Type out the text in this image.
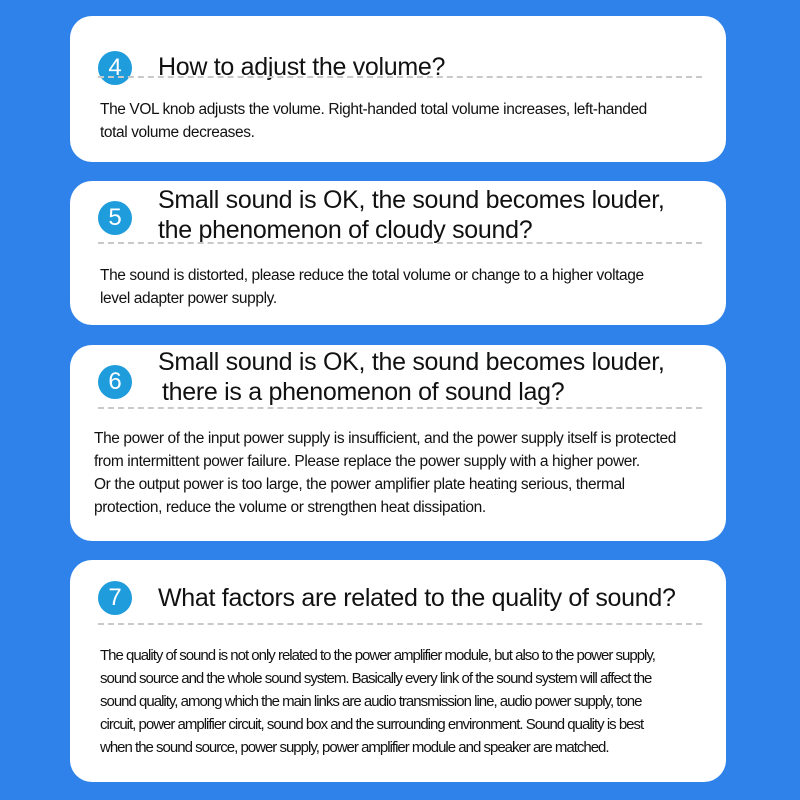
4	How to adjust the volume?

The VOL knob adjusts the volume. Right-handed total volume increases, left-handed

total volume decreases.

5
Small sound is OK, the sound becomes louder,
the phenomenon of cloudy sound?

The sound is distorted, please reduce the total volume or change to a higher voltage

level adapter power supply.

6
Small sound is OK, the sound becomes louder,
there is a phenomenon of sound lag?

The power of the input power supply is insufficient, and the power supply itself is protected

from intermittent power failure. Please replace the power supply with a higher power.

Or the output power is too large, the power amplifier plate heating serious, thermal

protection, reduce the volume or strengthen heat dissipation.

7	What factors are related to the quality of sound?

The quality of sound is not only related to the power amplifier module, but also to the power supply,

sound source and the whole sound system. Basically every link of the sound system will affect the

sound quality, among which the main links are audio transmission line, audio power supply, tone

circuit, power amplifier circuit, sound box and the surrounding environment. Sound quality is best

when the sound source, power supply, power amplifier module and speaker are matched.
